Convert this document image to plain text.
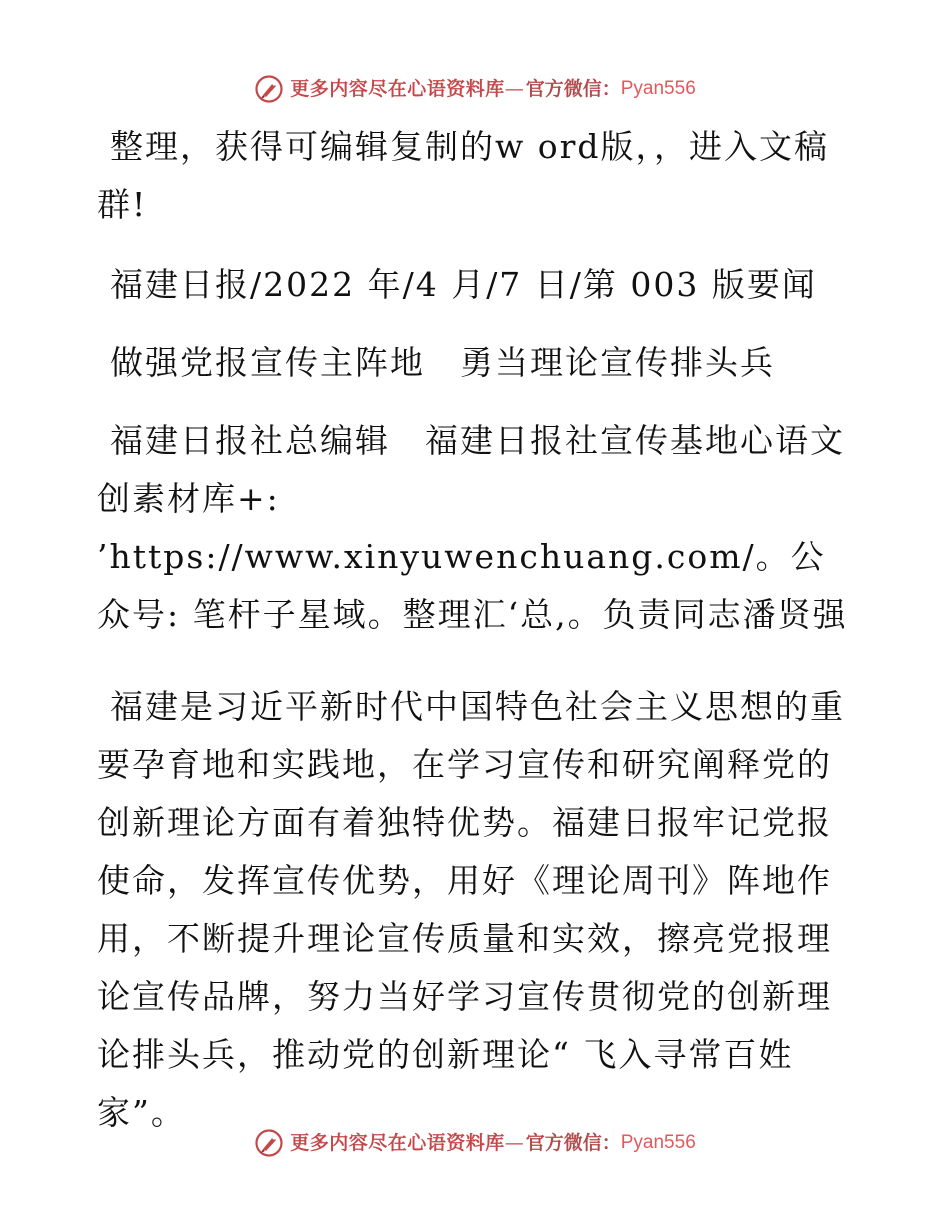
更多内容尽在心语资料库 — 官方微信： Pyan556

整理，获得可编辑复制的w ord版，，进入文稿群!

福建日报/2022 年/4 月/7 日/第 003 版要闻

做强党报宣传主阵地　勇当理论宣传排头兵

福建日报社总编辑　福建日报社宣传基地心语文创素材库+: ’https://www.xinyuwenchuang.com/。公众号: 笔杆子星域。整理汇‘总,。负责同志潘贤强

福建是习近平新时代中国特色社会主义思想的重要孕育地和实践地，在学习宣传和研究阐释党的创新理论方面有着独特优势。福建日报牢记党报使命，发挥宣传优势，用好《理论周刊》阵地作用，不断提升理论宣传质量和实效，擦亮党报理论宣传品牌，努力当好学习宣传贯彻党的创新理论排头兵，推动党的创新理论“ 飞入寻常百姓家”。

更多内容尽在心语资料库 — 官方微信： Pyan556
